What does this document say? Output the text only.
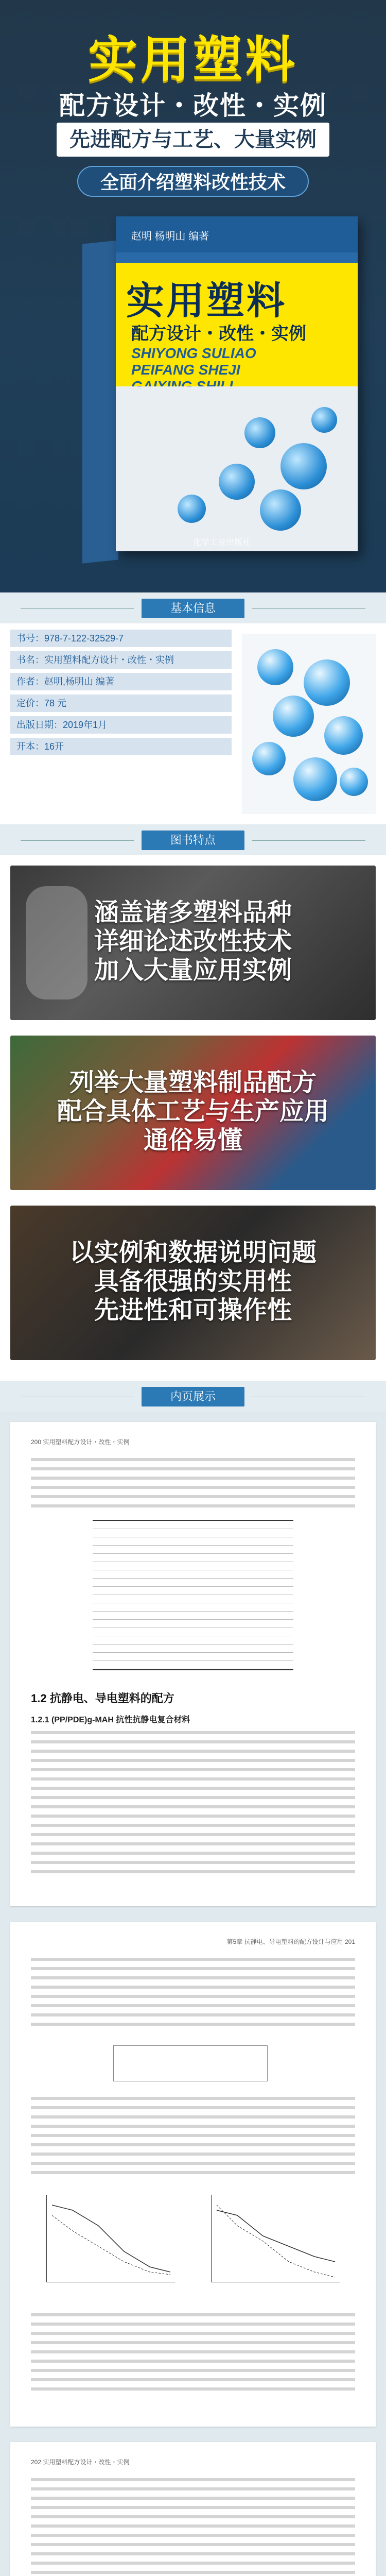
实用塑料
配方设计・改性・实例
先进配方与工艺、大量实例
全面介绍塑料改性技术
赵明 杨明山 编著
实用塑料
配方设计・改性・实例
SHIYONG SULIAO PEIFANG SHEJI
化学工业出版社
基本信息
书号：978-7-122-32529-7
书名：实用塑料配方设计・改性・实例
作者：赵明,杨明山 编著
定价：78 元
出版日期：2019年1月
开本：16开
图书特点
涵盖诸多塑料品种
详细论述改性技术
加入大量应用实例
列举大量塑料制品配方
配合具体工艺与生产应用
通俗易懂
以实例和数据说明问题
具备很强的实用性
先进性和可操作性
内页展示
200 实用塑料配方设计・改性・实例
1.2 抗静电、导电塑料的配方
1.2.1 (PP/PDE)g-MAH 抗性抗静电复合材料
第5章 抗静电、导电塑料的配方设计与应用 201
202 实用塑料配方设计・改性・实例
